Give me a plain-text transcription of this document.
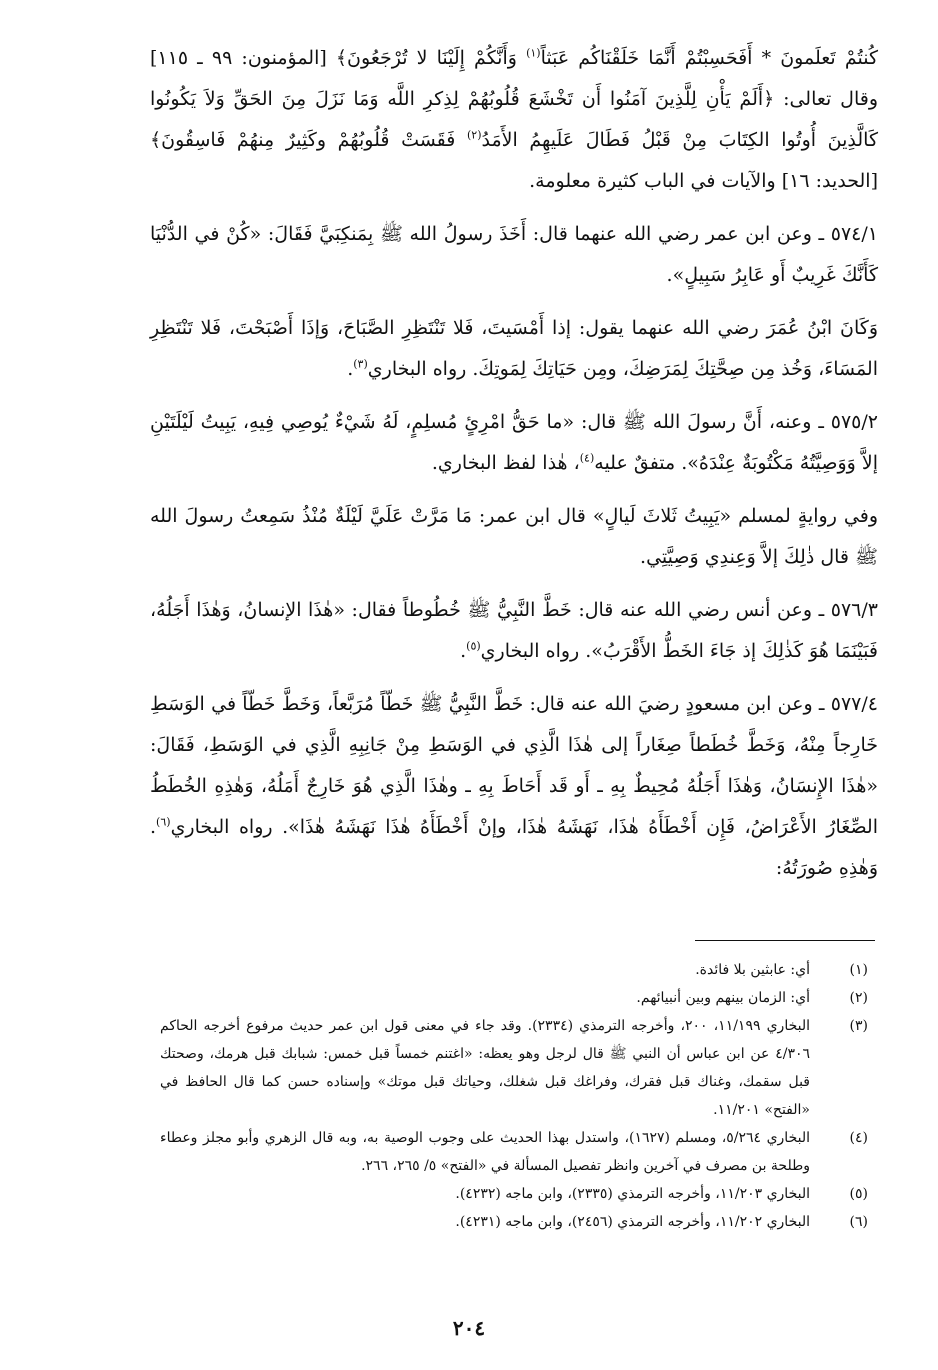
كُنتُمْ تَعلَمونَ * أَفَحَسِبْتُمْ أَنَّمَا خَلَقْنَاكُم عَبَثاً$^{(١)}$ وَأَنَّكُمْ إِلَيْنَا لا تُرْجَعُونَ﴾ [المؤمنون: ٩٩ ـ ١١٥] وقال تعالى: ﴿أَلَمْ يَأْنِ لِلَّذِينَ آمَنُوا أَن تَخْشَعَ قُلُوبُهُمْ لِذِكرِ اللَّه وَمَا نَزَلَ مِنَ الحَقِّ وَلاَ يَكُونُوا كَالَّذِينَ أُوتُوا الكِتَابَ مِنْ قَبْلُ فَطَالَ عَلَيهِمُ الأَمَدُ$^{(٢)}$ فَقَسَتْ قُلُوبُهُمْ وكَثِيرٌ مِنهُمْ فَاسِقُونَ﴾ [الحديد: ١٦] والآيات في الباب كثيرة معلومة.
٥٧٤/١ ـ وعن ابن عمر رضي الله عنهما قال: أَخَذَ رسولُ الله ﷺ بِمَنكِبَيَّ فَقَالَ: «كُنْ في الدُّنْيَا كَأَنَّكَ غَرِيبٌ أَو عَابِرُ سَبِيلٍ».
وَكَانَ ابْنُ عُمَرَ رضي الله عنهما يقول: إذا أَمْسَيتَ، فَلا تَنْتَظِرِ الصَّبَاحَ، وَإذَا أَصْبَحْتَ، فَلا تَنْتَظِرِ المَسَاءَ، وَخُذ مِن صِحَّتِكَ لِمَرَضِكَ، ومِن حَيَاتِكَ لِمَوتِكَ. رواه البخاري$^{(٣)}$.
٥٧٥/٢ ـ وعنه، أَنَّ رسولَ الله ﷺ قال: «ما حَقُّ امْرِئٍ مُسلِمٍ، لَهُ شَيْءٌ يُوصِي فِيهِ، يَبِيتُ لَيْلَتَيْنِ إلاَّ وَوَصِيَّتُهُ مَكْتُوبَةٌ عِنْدَهُ». متفقٌ عليه$^{(٤)}$، هٰذا لفظ البخاري.
وفي روايةٍ لمسلم «يَبِيتُ ثَلاثَ لَيالٍ» قال ابن عمر: مَا مَرَّتْ عَلَيَّ لَيْلَةٌ مُنْذُ سَمِعتُ رسولَ الله ﷺ قال ذٰلِكَ إلاَّ وَعِندِي وَصِيَّتِي.
٥٧٦/٣ ـ وعن أنس رضي الله عنه قال: خَطَّ النَّبِيُّ ﷺ خُطُوطاً فقال: «هٰذَا الإنسانُ، وَهٰذَا أَجَلُهُ، فَبَيْنَمَا هُوَ كَذٰلِكَ إذ جَاءَ الخَطُّ الأَقْرَبُ». رواه البخاري$^{(٥)}$.
٥٧٧/٤ ـ وعن ابن مسعودٍ رضيَ الله عنه قال: خَطَّ النَّبِيُّ ﷺ خَطّاً مُرَبَّعاً، وَخَطَّ خَطّاً في الوَسَطِ خَارِجاً مِنْهُ، وَخَطَّ خُطَطاً صِغَاراً إلى هٰذَا الَّذِي في الوَسَطِ مِنْ جَانِبِهِ الَّذِي في الوَسَطِ، فَقَالَ: «هٰذَا الإِنسَانُ، وَهٰذَا أَجَلُهُ مُحِيطٌ بِهِ ـ أَو قَد أَحَاطَ بِهِ ـ وهٰذَا الَّذِي هُوَ خَارِجٌ أَمَلُهُ، وَهٰذِهِ الخُطَطُ الصِّغَارُ الأَعْرَاضُ، فَإِن أَخْطَأَهُ هٰذَا، نَهَشَهُ هٰذَا، وإنْ أَخْطَأَهُ هٰذَا نَهَشَهُ هٰذَا». رواه البخاري$^{(٦)}$. وَهٰذِهِ صُورَتُهُ:
(١)
أي: عابثين بلا فائدة.
(٢)
أي: الزمان بينهم وبين أنبيائهم.
(٣)
البخاري ١١/١٩٩، ٢٠٠، وأخرجه الترمذي (٢٣٣٤). وقد جاء في معنى قول ابن عمر حديث مرفوع أخرجه الحاكم ٤/٣٠٦ عن ابن عباس أن النبي ﷺ قال لرجل وهو يعظه: «اغتنم خمساً قبل خمس: شبابك قبل هرمك، وصحتك قبل سقمك، وغناك قبل فقرك، وفراغك قبل شغلك، وحياتك قبل موتك» وإسناده حسن كما قال الحافظ في «الفتح» ١١/٢٠١.
(٤)
البخاري ٥/٢٦٤، ومسلم (١٦٢٧)، واستدل بهذا الحديث على وجوب الوصية به، وبه قال الزهري وأبو مجلز وعطاء وطلحة بن مصرف في آخرين وانظر تفصيل المسألة في «الفتح» ٥/ ٢٦٥، ٢٦٦.
(٥)
البخاري ١١/٢٠٣، وأخرجه الترمذي (٢٣٣٥)، وابن ماجه (٤٢٣٢).
(٦)
البخاري ١١/٢٠٢، وأخرجه الترمذي (٢٤٥٦)، وابن ماجه (٤٢٣١).
٢٠٤
